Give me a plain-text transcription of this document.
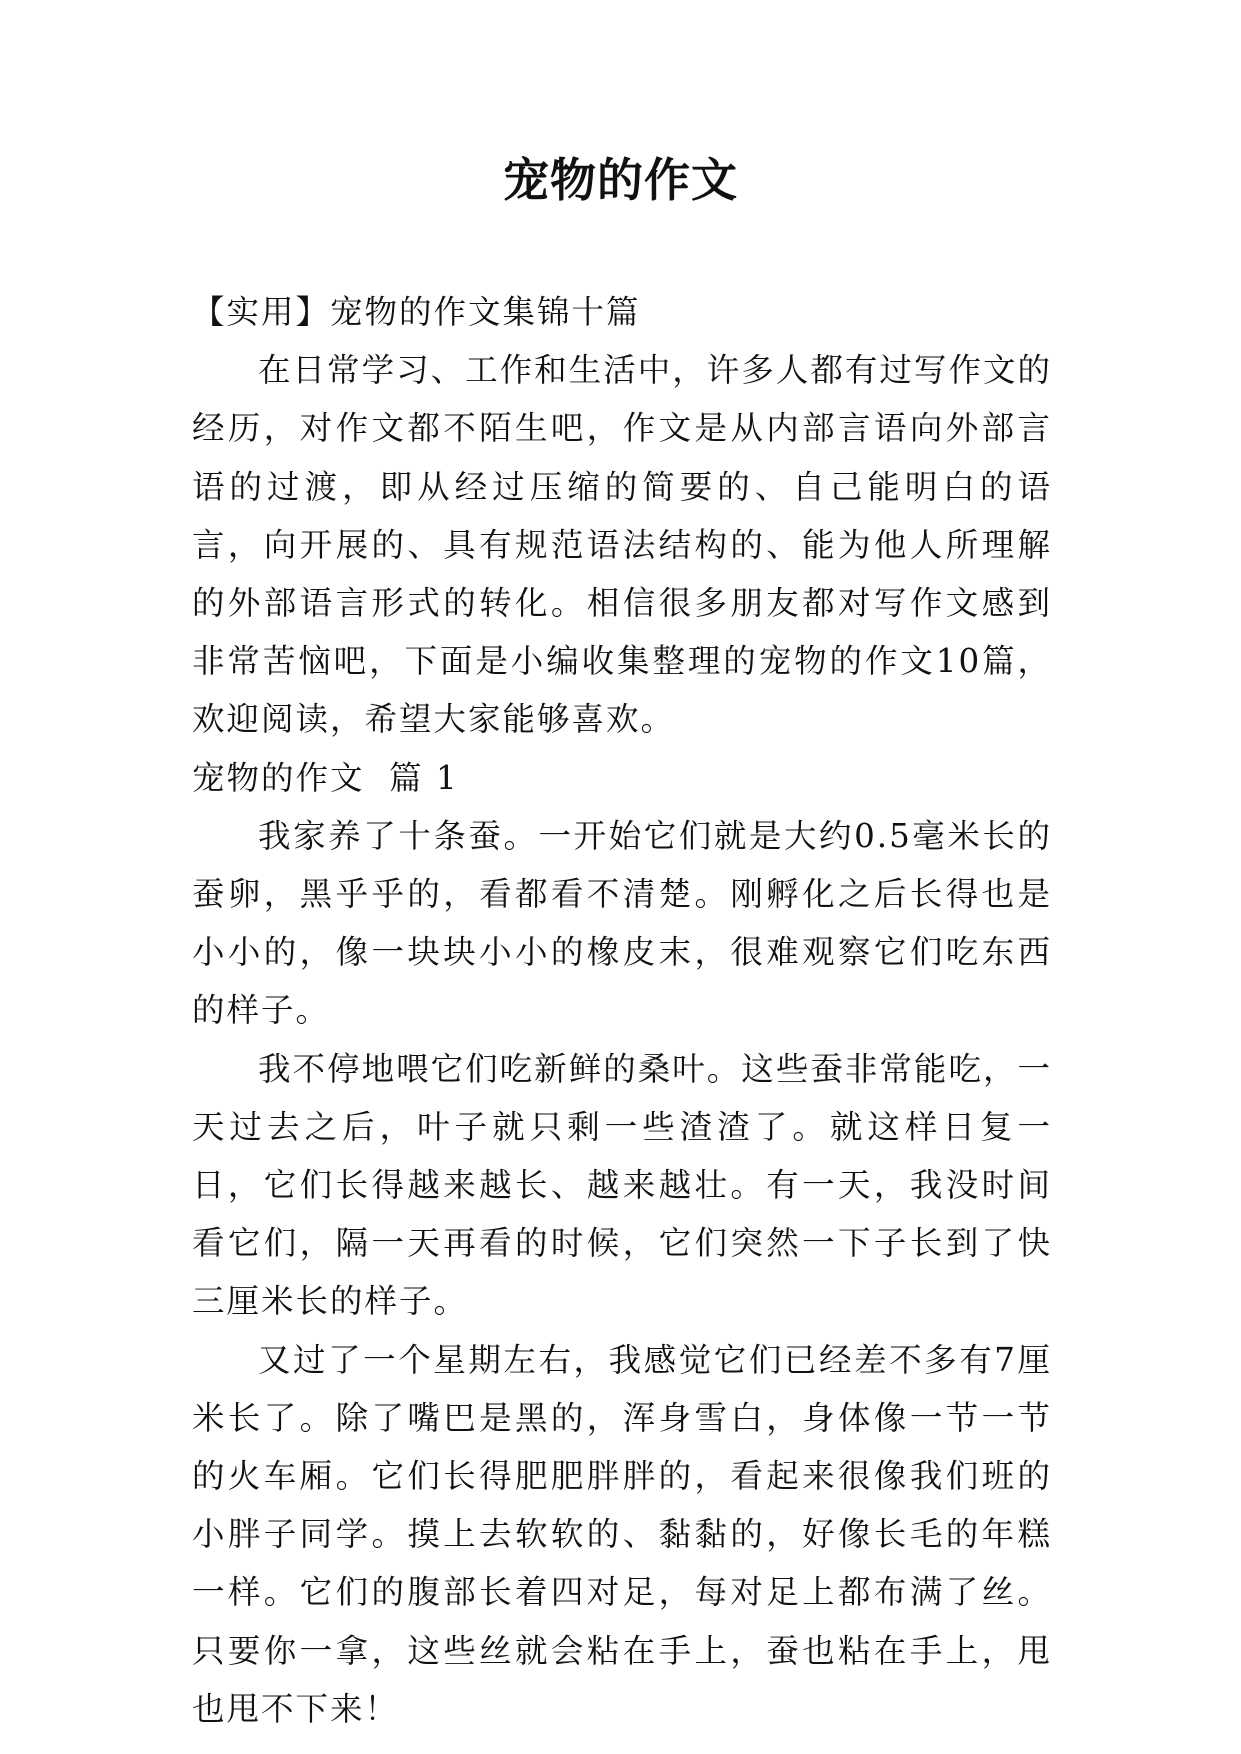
宠物的作文

【实用】宠物的作文集锦十篇

在日常学习、工作和生活中，许多人都有过写作文的经历，对作文都不陌生吧，作文是从内部言语向外部言语的过渡，即从经过压缩的简要的、自己能明白的语言，向开展的、具有规范语法结构的、能为他人所理解的外部语言形式的转化。相信很多朋友都对写作文感到非常苦恼吧，下面是小编收集整理的宠物的作文10篇，欢迎阅读，希望大家能够喜欢。

宠物的作文  篇 1

我家养了十条蚕。一开始它们就是大约0.5毫米长的蚕卵，黑乎乎的，看都看不清楚。刚孵化之后长得也是小小的，像一块块小小的橡皮末，很难观察它们吃东西的样子。

我不停地喂它们吃新鲜的桑叶。这些蚕非常能吃，一天过去之后，叶子就只剩一些渣渣了。就这样日复一日，它们长得越来越长、越来越壮。有一天，我没时间看它们，隔一天再看的时候，它们突然一下子长到了快三厘米长的样子。

又过了一个星期左右，我感觉它们已经差不多有7厘米长了。除了嘴巴是黑的，浑身雪白，身体像一节一节的火车厢。它们长得肥肥胖胖的，看起来很像我们班的小胖子同学。摸上去软软的、黏黏的，好像长毛的年糕一样。它们的腹部长着四对足，每对足上都布满了丝。只要你一拿，这些丝就会粘在手上，蚕也粘在手上，甩也甩不下来！
